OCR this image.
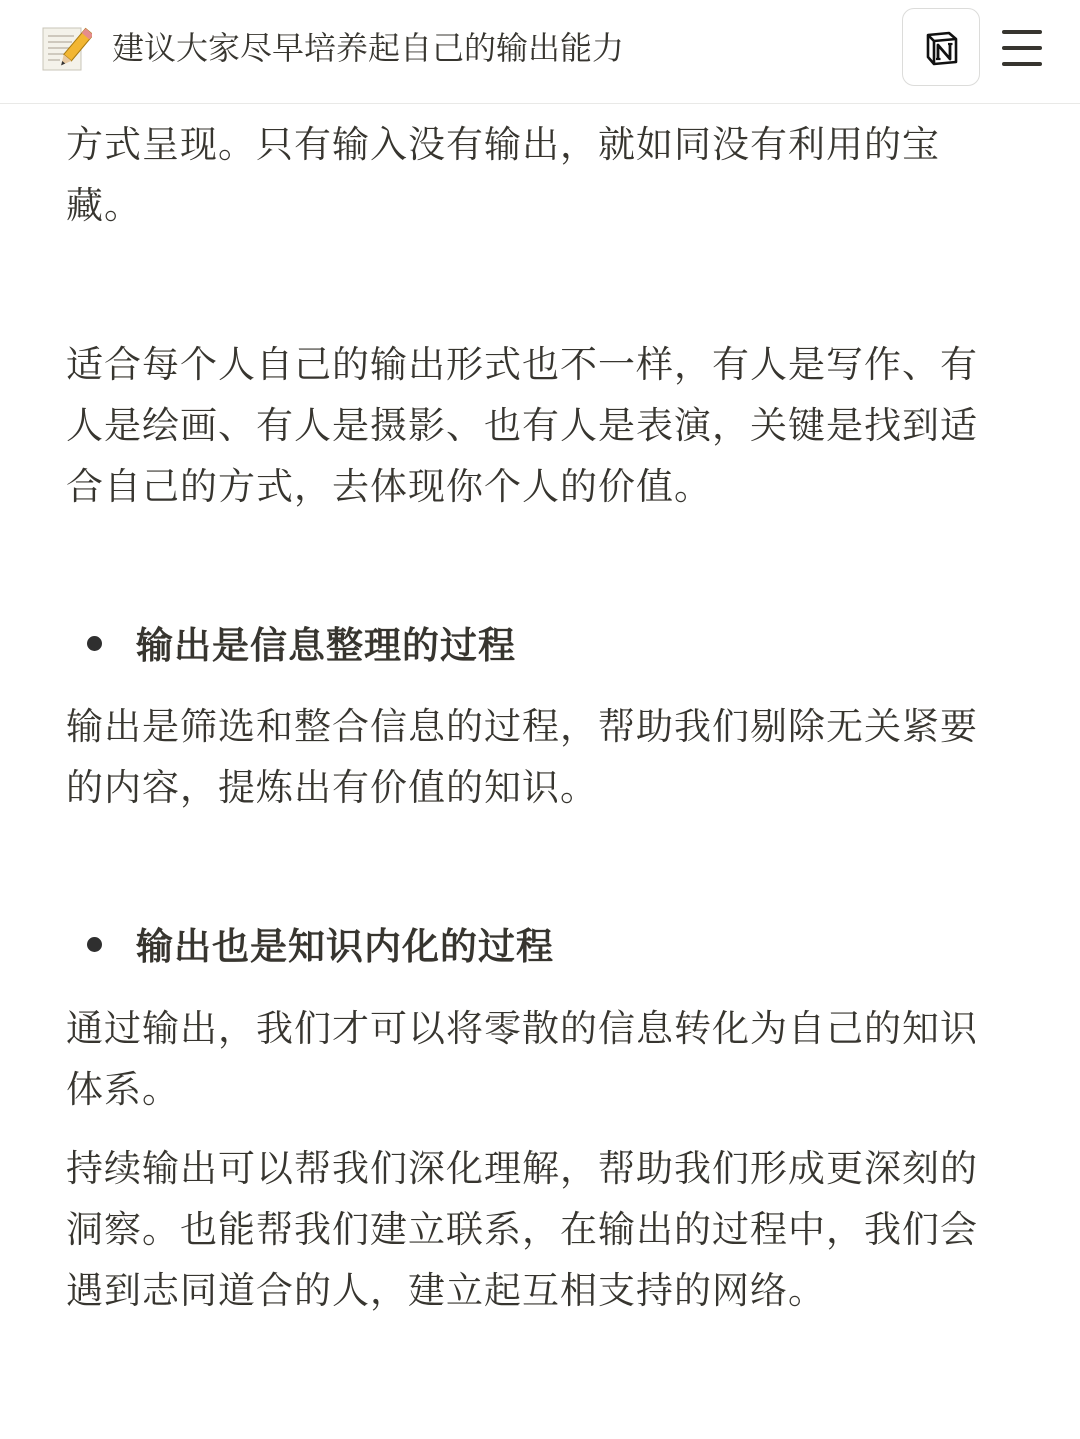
建议大家尽早培养起自己的输出能力

方式呈现。只有输入没有输出，就如同没有利用的宝藏。

适合每个人自己的输出形式也不一样，有人是写作、有人是绘画、有人是摄影、也有人是表演，关键是找到适合自己的方式，去体现你个人的价值。

输出是信息整理的过程

输出是筛选和整合信息的过程，帮助我们剔除无关紧要的内容，提炼出有价值的知识。

输出也是知识内化的过程

通过输出，我们才可以将零散的信息转化为自己的知识体系。

持续输出可以帮我们深化理解，帮助我们形成更深刻的洞察。也能帮我们建立联系，在输出的过程中，我们会遇到志同道合的人，建立起互相支持的网络。
